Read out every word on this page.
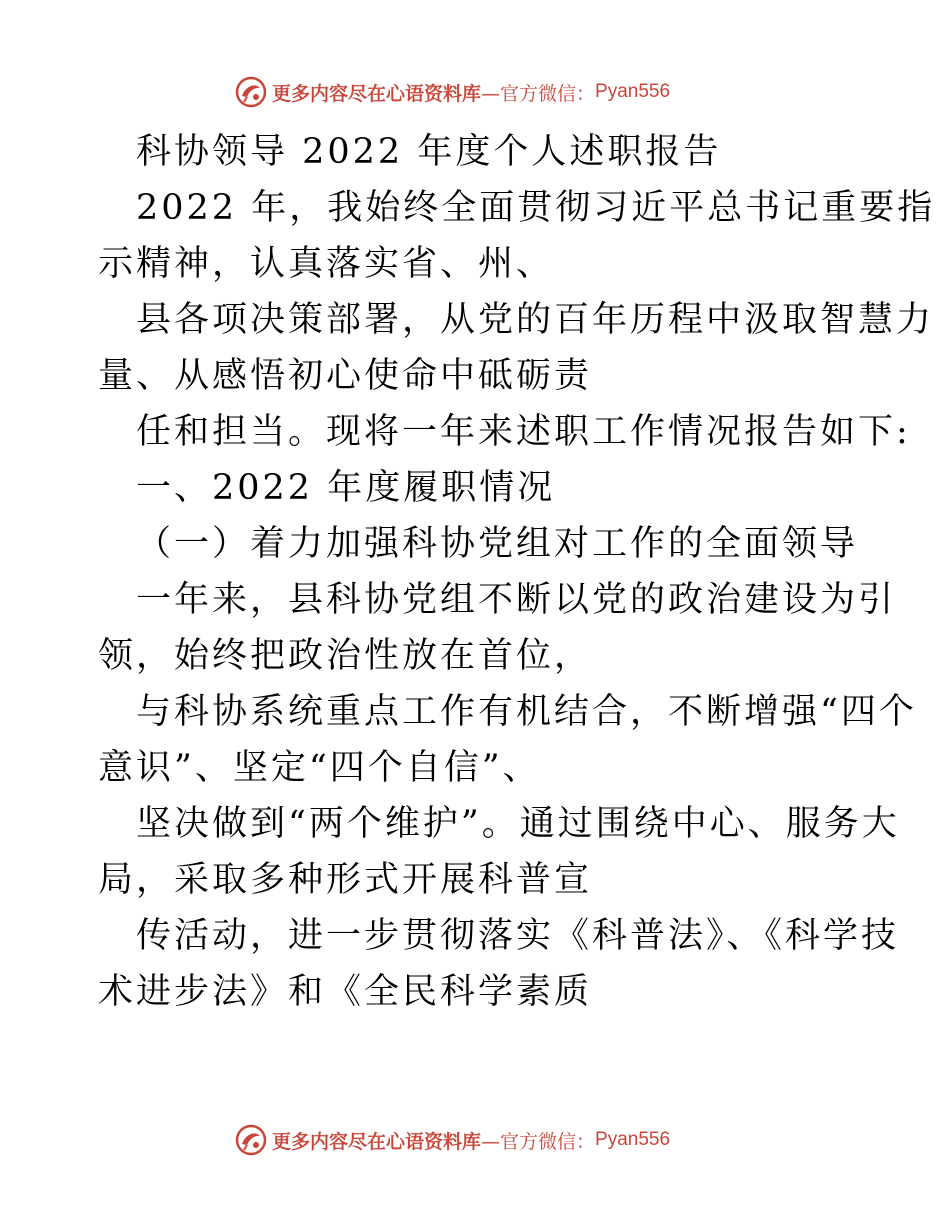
更多内容尽在心语资料库 —官方微信： Pyan556
科协领导 2022 年度个人述职报告
2022 年，我始终全面贯彻习近平总书记重要指
示精神，认真落实省、州、
县各项决策部署，从党的百年历程中汲取智慧力
量、从感悟初心使命中砥砺责
任和担当。现将一年来述职工作情况报告如下:
一、2022 年度履职情况
（一）着力加强科协党组对工作的全面领导
一年来，县科协党组不断以党的政治建设为引
领，始终把政治性放在首位，
与科协系统重点工作有机结合，不断增强“四个
意识”、坚定“四个自信”、
坚决做到“两个维护”。通过围绕中心、服务大
局，采取多种形式开展科普宣
传活动，进一步贯彻落实《科普法》、《科学技
术进步法》和《全民科学素质
更多内容尽在心语资料库 —官方微信： Pyan556
